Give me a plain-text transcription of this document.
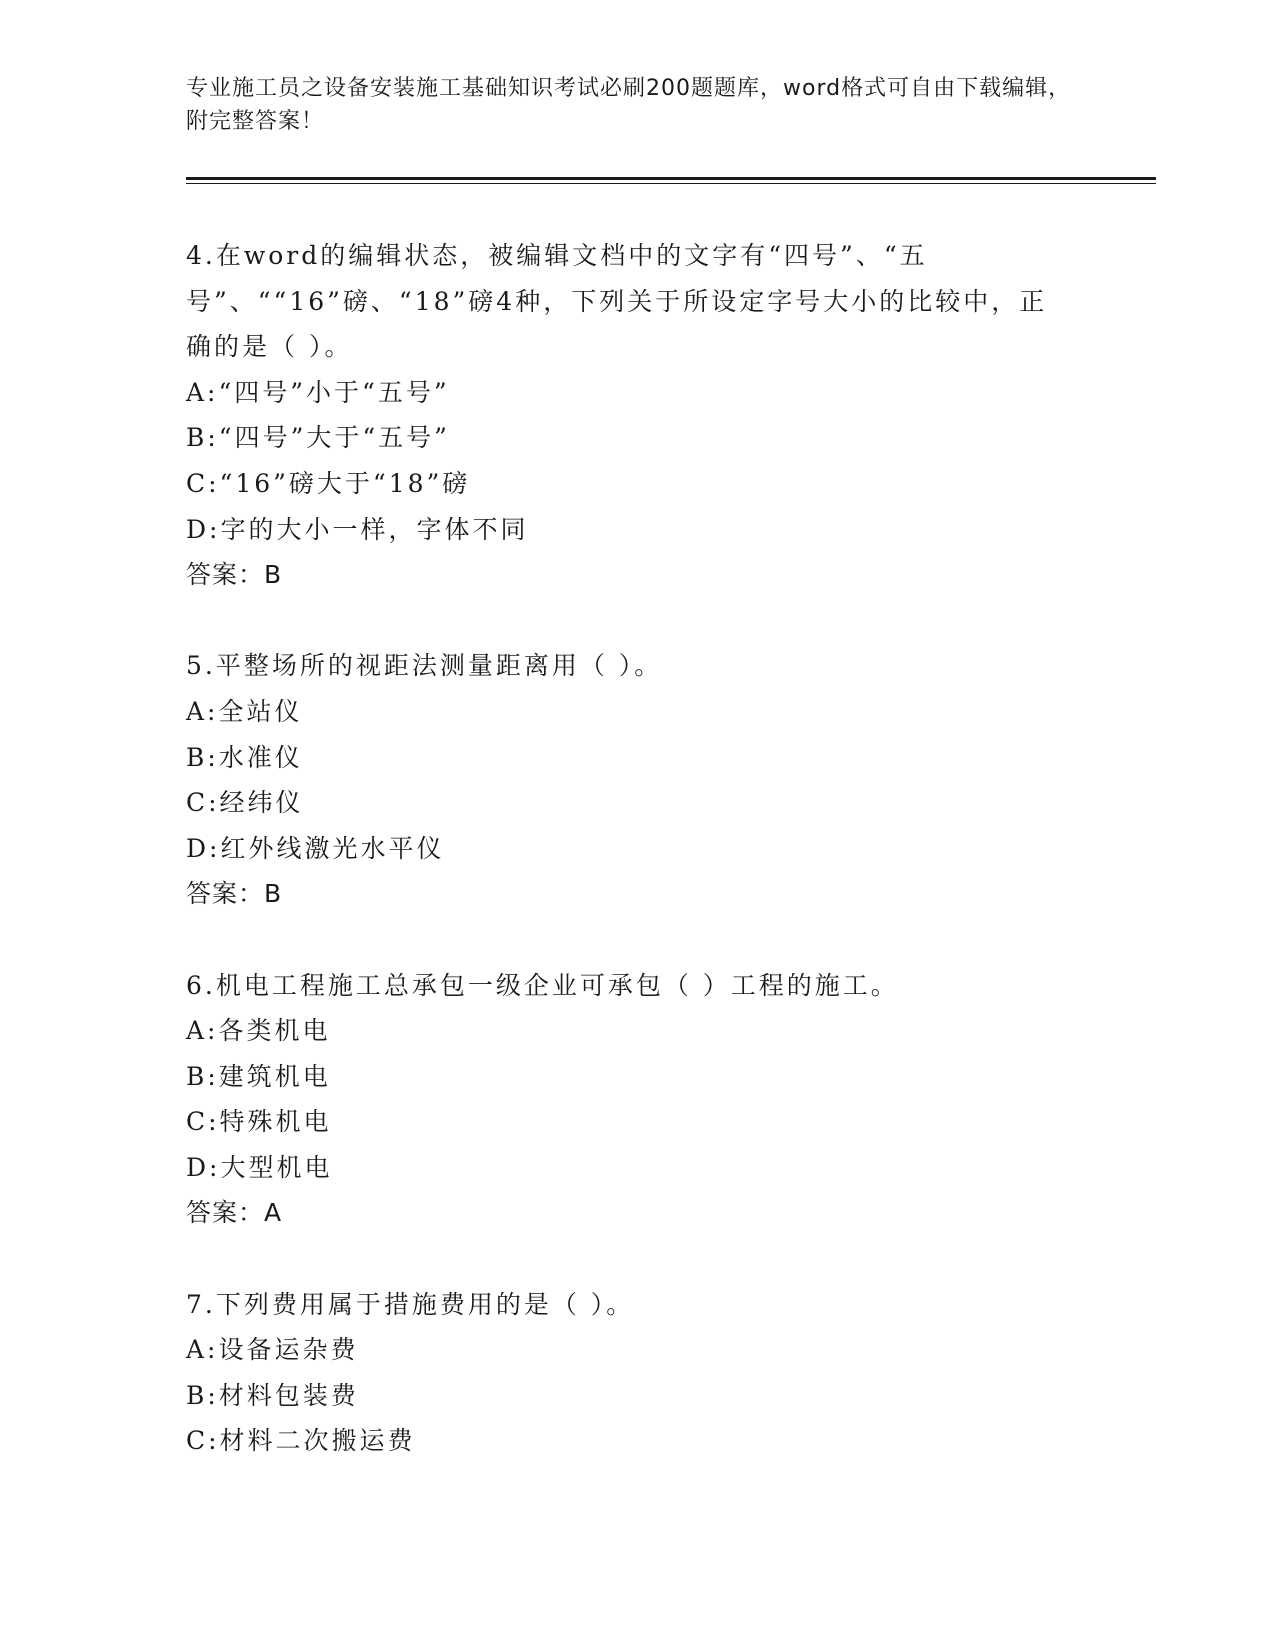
专业施工员之设备安装施工基础知识考试必刷200题题库，word格式可自由下载编辑，附完整答案！

4.在word的编辑状态，被编辑文档中的文字有“四号”、“五号”、““16”磅、“18”磅4种，下列关于所设定字号大小的比较中，正确的是（ ）。

A:“四号”小于“五号”

B:“四号”大于“五号”

C:“16”磅大于“18”磅

D:字的大小一样，字体不同

答案：B

5.平整场所的视距法测量距离用（ ）。

A:全站仪

B:水准仪

C:经纬仪

D:红外线激光水平仪

答案：B

6.机电工程施工总承包一级企业可承包（ ）工程的施工。

A:各类机电

B:建筑机电

C:特殊机电

D:大型机电

答案：A

7.下列费用属于措施费用的是（ ）。

A:设备运杂费

B:材料包装费

C:材料二次搬运费
